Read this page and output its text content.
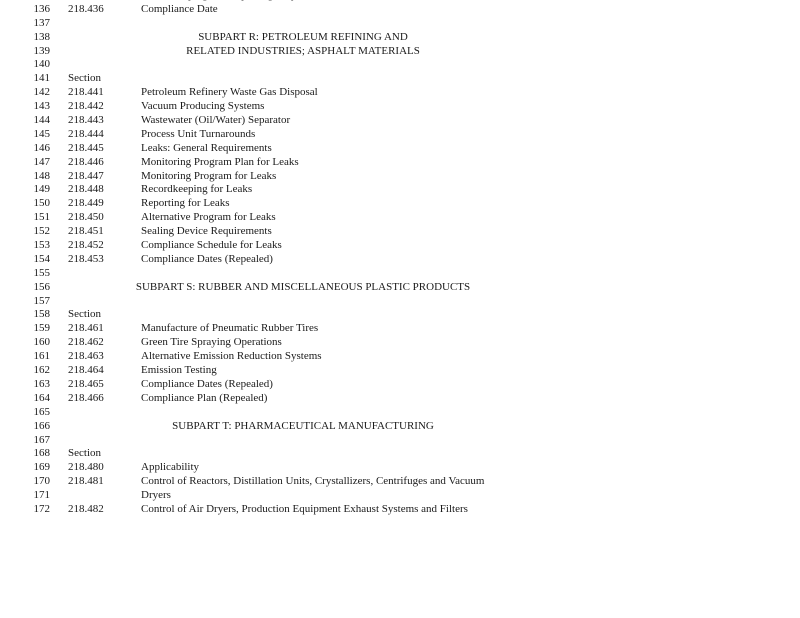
136 218.436	Compliance Date
137
138	SUBPART R: PETROLEUM REFINING AND
139	RELATED INDUSTRIES; ASPHALT MATERIALS
140
141 Section
142 218.441	Petroleum Refinery Waste Gas Disposal
143 218.442	Vacuum Producing Systems
144 218.443	Wastewater (Oil/Water) Separator
145 218.444	Process Unit Turnarounds
146 218.445	Leaks: General Requirements
147 218.446	Monitoring Program Plan for Leaks
148 218.447	Monitoring Program for Leaks
149 218.448	Recordkeeping for Leaks
150 218.449	Reporting for Leaks
151 218.450	Alternative Program for Leaks
152 218.451	Sealing Device Requirements
153 218.452	Compliance Schedule for Leaks
154 218.453	Compliance Dates (Repealed)
155
156	SUBPART S: RUBBER AND MISCELLANEOUS PLASTIC PRODUCTS
157
158 Section
159 218.461	Manufacture of Pneumatic Rubber Tires
160 218.462	Green Tire Spraying Operations
161 218.463	Alternative Emission Reduction Systems
162 218.464	Emission Testing
163 218.465	Compliance Dates (Repealed)
164 218.466	Compliance Plan (Repealed)
165
166	SUBPART T: PHARMACEUTICAL MANUFACTURING
167
168 Section
169 218.480	Applicability
170 218.481	Control of Reactors, Distillation Units, Crystallizers, Centrifuges and Vacuum
171	Dryers
172 218.482	Control of Air Dryers, Production Equipment Exhaust Systems and Filters
